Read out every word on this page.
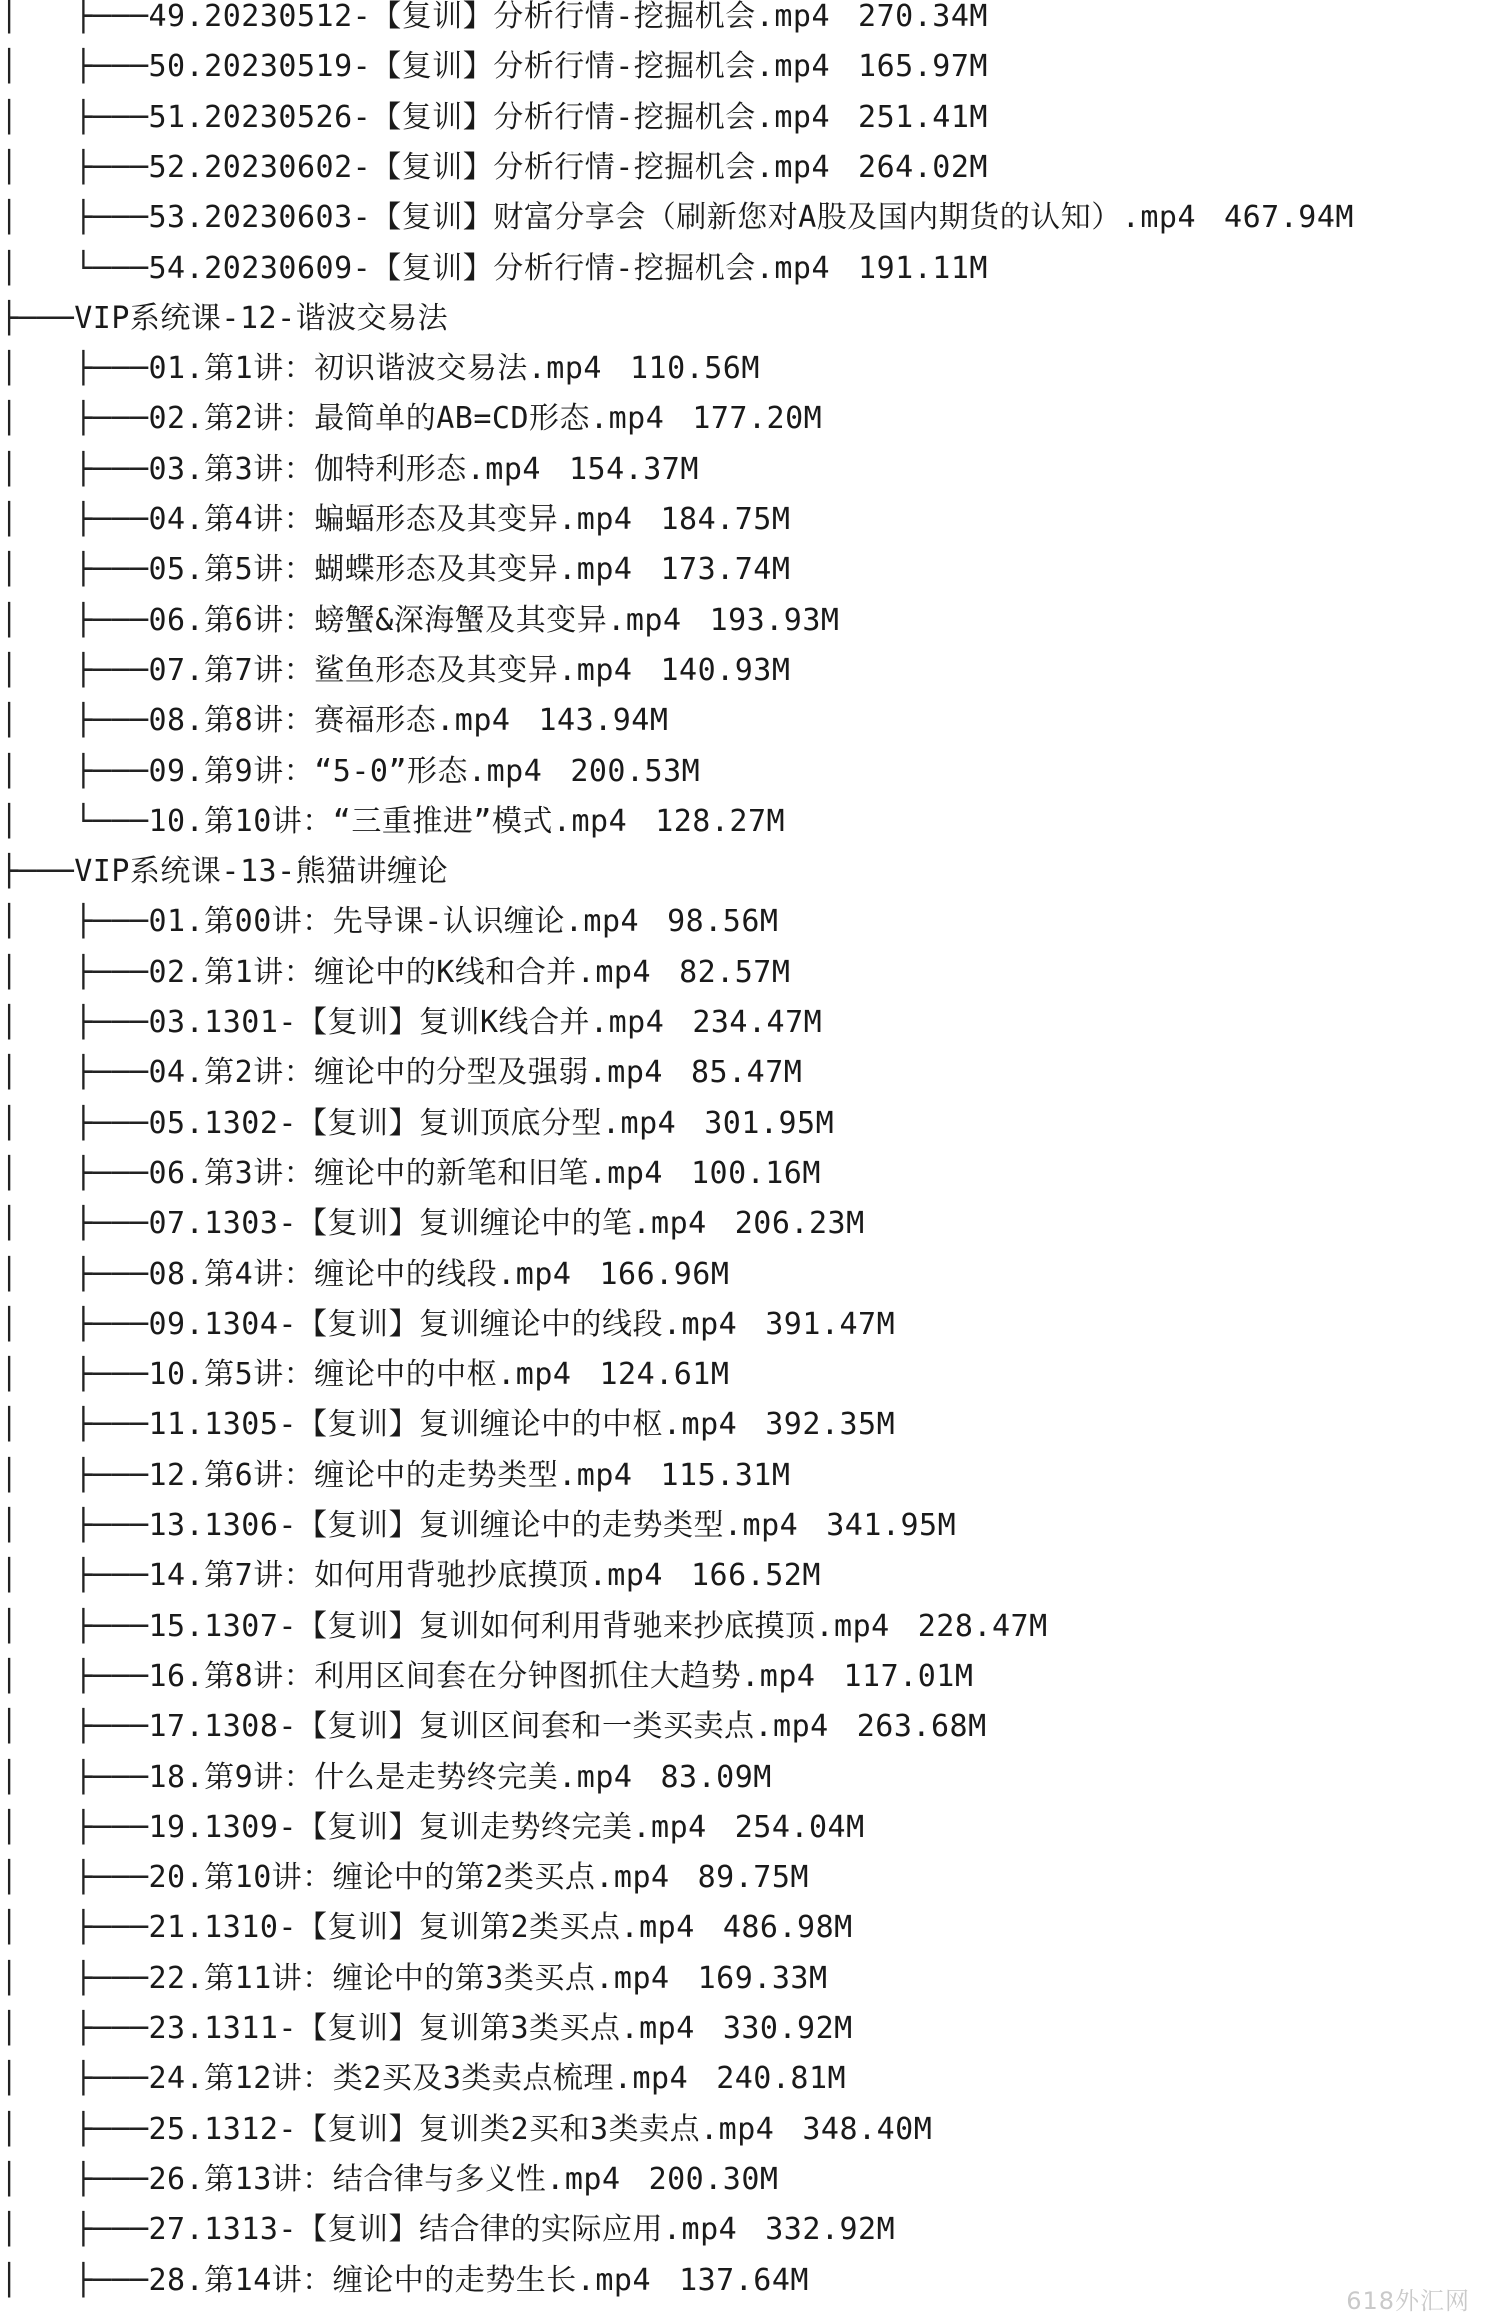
│   ├───49.20230512-【复训】分析行情-挖掘机会.mp4 270.34M
│   ├───50.20230519-【复训】分析行情-挖掘机会.mp4 165.97M
│   ├───51.20230526-【复训】分析行情-挖掘机会.mp4 251.41M
│   ├───52.20230602-【复训】分析行情-挖掘机会.mp4 264.02M
│   ├───53.20230603-【复训】财富分享会（刷新您对A股及国内期货的认知）.mp4 467.94M
│   └───54.20230609-【复训】分析行情-挖掘机会.mp4 191.11M
├───VIP系统课-12-谐波交易法
│   ├───01.第1讲：初识谐波交易法.mp4 110.56M
│   ├───02.第2讲：最简单的AB=CD形态.mp4 177.20M
│   ├───03.第3讲：伽特利形态.mp4 154.37M
│   ├───04.第4讲：蝙蝠形态及其变异.mp4 184.75M
│   ├───05.第5讲：蝴蝶形态及其变异.mp4 173.74M
│   ├───06.第6讲：螃蟹&深海蟹及其变异.mp4 193.93M
│   ├───07.第7讲：鲨鱼形态及其变异.mp4 140.93M
│   ├───08.第8讲：赛福形态.mp4 143.94M
│   ├───09.第9讲：“5-0”形态.mp4 200.53M
│   └───10.第10讲：“三重推进”模式.mp4 128.27M
├───VIP系统课-13-熊猫讲缠论
│   ├───01.第00讲：先导课-认识缠论.mp4 98.56M
│   ├───02.第1讲：缠论中的K线和合并.mp4 82.57M
│   ├───03.1301-【复训】复训K线合并.mp4 234.47M
│   ├───04.第2讲：缠论中的分型及强弱.mp4 85.47M
│   ├───05.1302-【复训】复训顶底分型.mp4 301.95M
│   ├───06.第3讲：缠论中的新笔和旧笔.mp4 100.16M
│   ├───07.1303-【复训】复训缠论中的笔.mp4 206.23M
│   ├───08.第4讲：缠论中的线段.mp4 166.96M
│   ├───09.1304-【复训】复训缠论中的线段.mp4 391.47M
│   ├───10.第5讲：缠论中的中枢.mp4 124.61M
│   ├───11.1305-【复训】复训缠论中的中枢.mp4 392.35M
│   ├───12.第6讲：缠论中的走势类型.mp4 115.31M
│   ├───13.1306-【复训】复训缠论中的走势类型.mp4 341.95M
│   ├───14.第7讲：如何用背驰抄底摸顶.mp4 166.52M
│   ├───15.1307-【复训】复训如何利用背驰来抄底摸顶.mp4 228.47M
│   ├───16.第8讲：利用区间套在分钟图抓住大趋势.mp4 117.01M
│   ├───17.1308-【复训】复训区间套和一类买卖点.mp4 263.68M
│   ├───18.第9讲：什么是走势终完美.mp4 83.09M
│   ├───19.1309-【复训】复训走势终完美.mp4 254.04M
│   ├───20.第10讲：缠论中的第2类买点.mp4 89.75M
│   ├───21.1310-【复训】复训第2类买点.mp4 486.98M
│   ├───22.第11讲：缠论中的第3类买点.mp4 169.33M
│   ├───23.1311-【复训】复训第3类买点.mp4 330.92M
│   ├───24.第12讲：类2买及3类卖点梳理.mp4 240.81M
│   ├───25.1312-【复训】复训类2买和3类卖点.mp4 348.40M
│   ├───26.第13讲：结合律与多义性.mp4 200.30M
│   ├───27.1313-【复训】结合律的实际应用.mp4 332.92M
│   ├───28.第14讲：缠论中的走势生长.mp4 137.64M
618外汇网
